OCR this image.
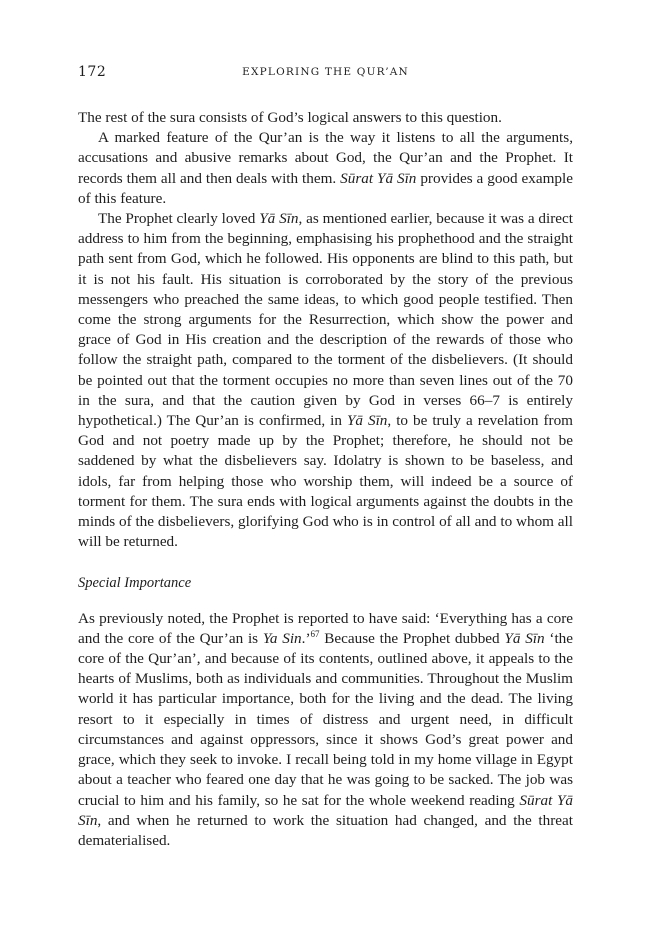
172	EXPLORING THE QUR’AN

The rest of the sura consists of God’s logical answers to this question.

A marked feature of the Qur’an is the way it listens to all the arguments, accusations and abusive remarks about God, the Qur’an and the Prophet. It records them all and then deals with them. Sūrat Yā Sīn provides a good example of this feature.

The Prophet clearly loved Yā Sīn, as mentioned earlier, because it was a direct address to him from the beginning, emphasising his prophethood and the straight path sent from God, which he followed. His opponents are blind to this path, but it is not his fault. His situation is corroborated by the story of the previous messengers who preached the same ideas, to which good people testified. Then come the strong arguments for the Resurrection, which show the power and grace of God in His creation and the description of the rewards of those who follow the straight path, compared to the torment of the disbelievers. (It should be pointed out that the torment occupies no more than seven lines out of the 70 in the sura, and that the caution given by God in verses 66–7 is entirely hypothetical.) The Qur’an is confirmed, in Yā Sīn, to be truly a revelation from God and not poetry made up by the Prophet; therefore, he should not be saddened by what the disbelievers say. Idolatry is shown to be baseless, and idols, far from helping those who worship them, will indeed be a source of torment for them. The sura ends with logical arguments against the doubts in the minds of the disbelievers, glorifying God who is in control of all and to whom all will be returned.

Special Importance

As previously noted, the Prophet is reported to have said: ‘Everything has a core and the core of the Qur’an is Ya Sin.’$^{67}$ Because the Prophet dubbed Yā Sīn ‘the core of the Qur’an’, and because of its contents, outlined above, it appeals to the hearts of Muslims, both as individuals and communities. Throughout the Muslim world it has particular importance, both for the living and the dead. The living resort to it especially in times of distress and urgent need, in difficult circumstances and against oppressors, since it shows God’s great power and grace, which they seek to invoke. I recall being told in my home village in Egypt about a teacher who feared one day that he was going to be sacked. The job was crucial to him and his family, so he sat for the whole weekend reading Sūrat Yā Sīn, and when he returned to work the situation had changed, and the threat dematerialised.
